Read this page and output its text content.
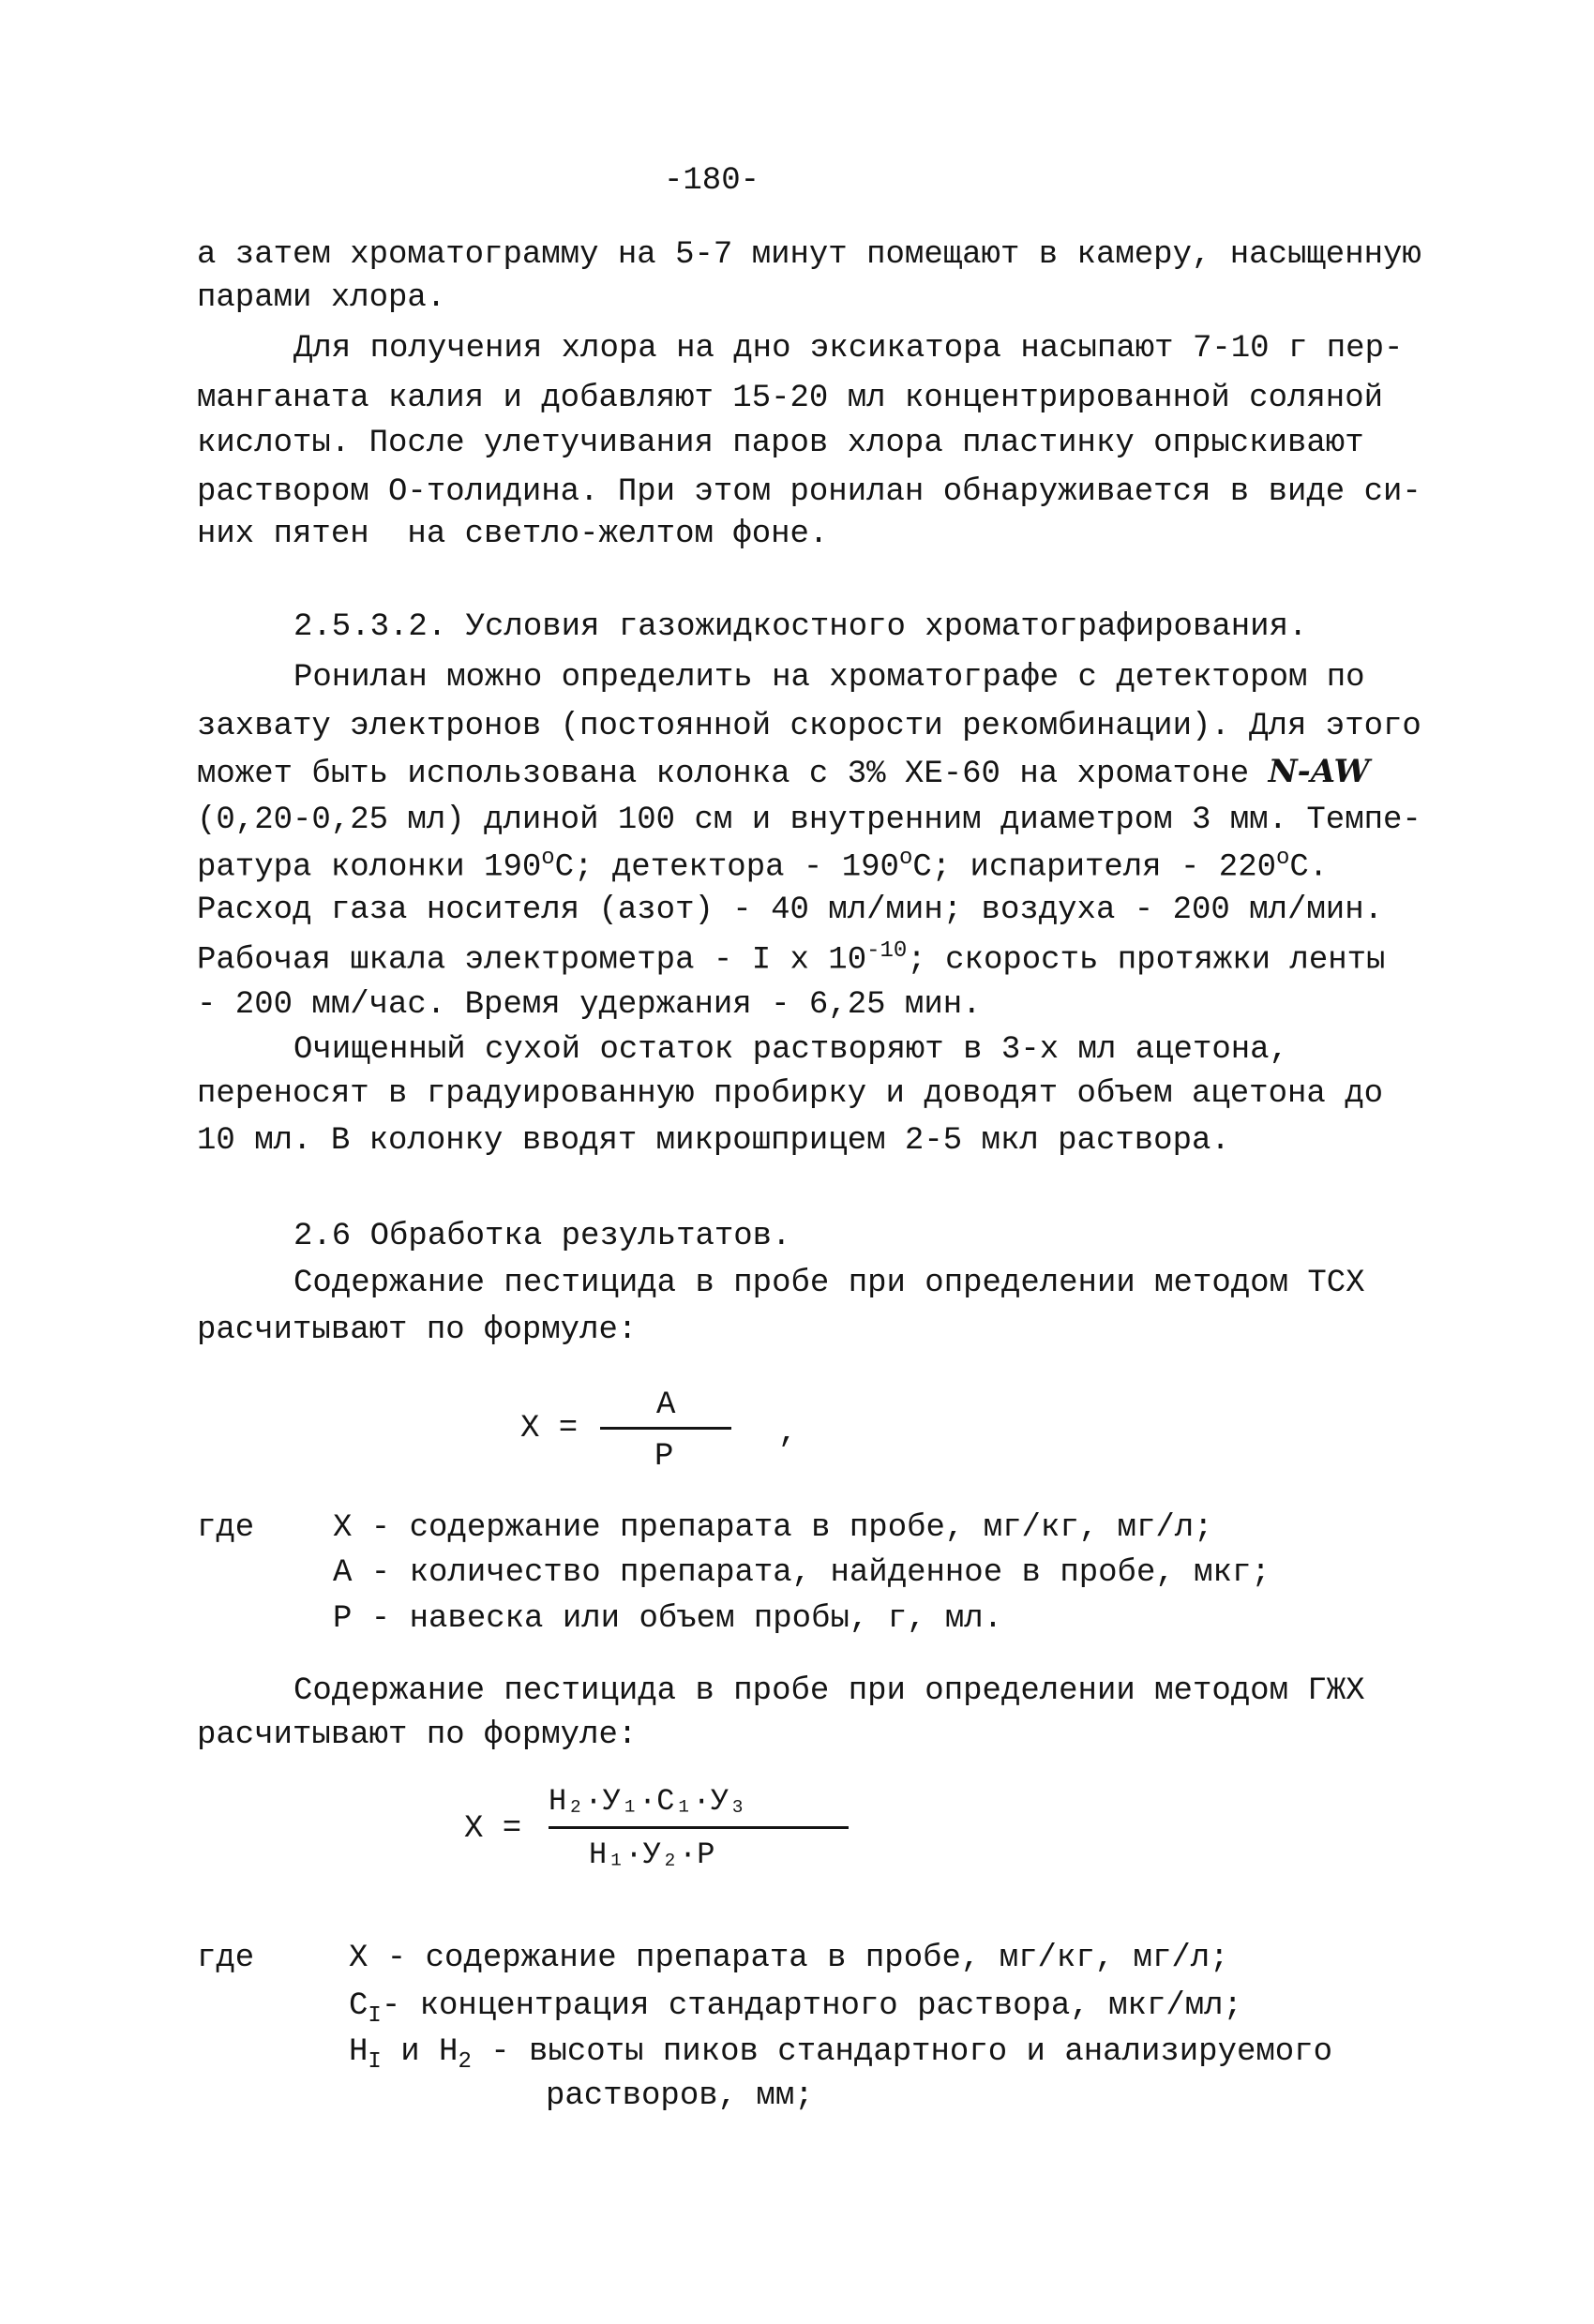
-180-
а затем хроматограмму на 5-7 минут помещают в камеру, насыщенную
парами хлора.
Для получения хлора на дно эксикатора насыпают 7-10 г пер-
манганата калия и добавляют 15-20 мл концентрированной соляной
кислоты. После улетучивания паров хлора пластинку опрыскивают
раствором О-толидина. При этом ронилан обнаруживается в виде си-
них пятен  на светло-желтом фоне.
2.5.3.2. Условия газожидкостного хроматографирования.
Ронилан можно определить на хроматографе с детектором по
захвату электронов (постоянной скорости рекомбинации). Для этого
может быть использована колонка с 3% ХЕ-60 на хроматоне N-AW
(0,20-0,25 мл) длиной 100 см и внутренним диаметром 3 мм. Темпе-
ратура колонки $190^оС$; детектора - $190^оС$; испарителя - $220^оС$.
Расход газа носителя (азот) - 40 мл/мин; воздуха - 200 мл/мин.
Рабочая шкала электрометра - I х $10^{-10}$; скорость протяжки ленты
- 200 мм/час. Время удержания - 6,25 мин.
Очищенный сухой остаток растворяют в 3-х мл ацетона,
переносят в градуированную пробирку и доводят объем ацетона до
10 мл. В колонку вводят микрошприцем 2-5 мкл раствора.
2.6 Обработка результатов.
Содержание пестицида в пробе при определении методом ТСХ
расчитывают по формуле:
Х =
А
Р
,
где Х - содержание препарата в пробе, мг/кг, мг/л;
А - количество препарата, найденное в пробе, мкг;
Р - навеска или объем пробы, г, мл.
Содержание пестицида в пробе при определении методом ГЖХ
расчитывают по формуле:
Х =
H₂·У₁·С₁·У₃
H₁·У₂·Р
где	Х - содержание препарата в пробе, мг/кг, мг/л;
$С_I-$ концентрация стандартного раствора, мкг/мл;
$H_I$ и $H_2$ - высоты пиков стандартного и анализируемого
растворов, мм;
